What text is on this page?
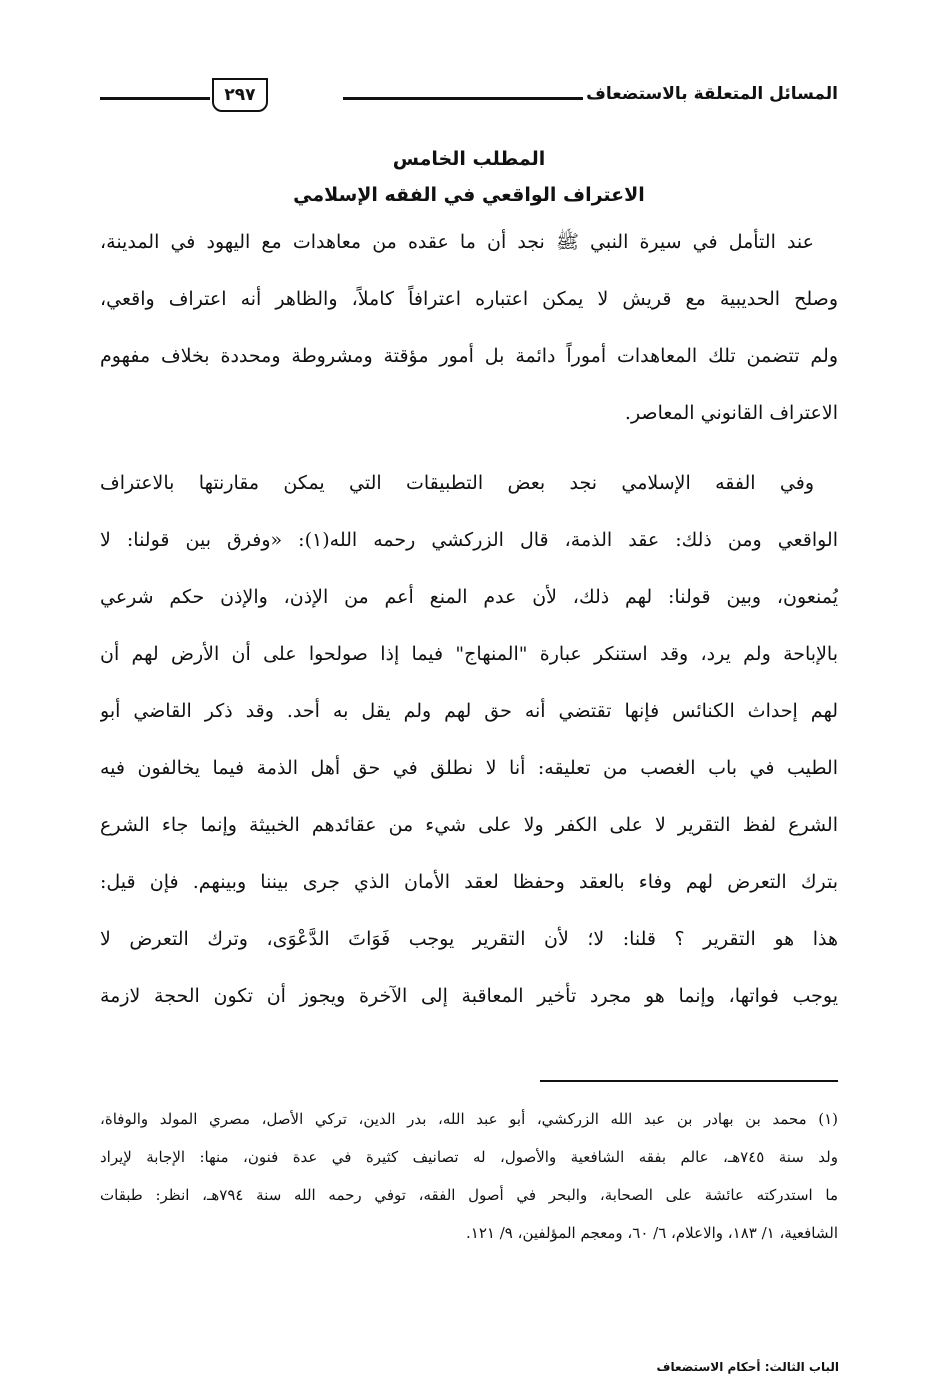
المسائل المتعلقة بالاستضعاف
٢٩٧
المطلب الخامس
الاعتراف الواقعي في الفقه الإسلامي
عند التأمل في سيرة النبي ﷺ نجد أن ما عقده من معاهدات مع اليهود في المدينة،
وصلح الحديبية مع قريش لا يمكن اعتباره اعترافاً كاملاً، والظاهر أنه اعتراف واقعي،
ولم تتضمن تلك المعاهدات أموراً دائمة بل أمور مؤقتة ومشروطة ومحددة بخلاف مفهوم
الاعتراف القانوني المعاصر.
وفي الفقه الإسلامي نجد بعض التطبيقات التي يمكن مقارنتها بالاعتراف
الواقعي ومن ذلك: عقد الذمة، قال الزركشي رحمه الله(١): «وفرق بين قولنا: لا
يُمنعون، وبين قولنا: لهم ذلك، لأن عدم المنع أعم من الإذن، والإذن حكم شرعي
بالإباحة ولم يرد، وقد استنكر عبارة "المنهاج" فيما إذا صولحوا على أن الأرض لهم أن
لهم إحداث الكنائس فإنها تقتضي أنه حق لهم ولم يقل به أحد. وقد ذكر القاضي أبو
الطيب في باب الغصب من تعليقه: أنا لا نطلق في حق أهل الذمة فيما يخالفون فيه
الشرع لفظ التقرير لا على الكفر ولا على شيء من عقائدهم الخبيثة وإنما جاء الشرع
بترك التعرض لهم وفاء بالعقد وحفظا لعقد الأمان الذي جرى بيننا وبينهم. فإن قيل:
هذا هو التقرير ؟ قلنا: لا؛ لأن التقرير يوجب فَوَاتَ الدَّعْوَى، وترك التعرض لا
يوجب فواتها، وإنما هو مجرد تأخير المعاقبة إلى الآخرة ويجوز أن تكون الحجة لازمة
(١) محمد بن بهادر بن عبد الله الزركشي، أبو عبد الله، بدر الدين، تركي الأصل، مصري المولد والوفاة،
ولد سنة ٧٤٥هـ، عالم بفقه الشافعية والأصول، له تصانيف كثيرة في عدة فنون، منها: الإجابة لإيراد
ما استدركته عائشة على الصحابة، والبحر في أصول الفقه، توفي رحمه الله سنة ٧٩٤هـ، انظر: طبقات
الشافعية، ١/ ١٨٣، والاعلام، ٦/ ٦٠، ومعجم المؤلفين، ٩/ ١٢١.
الباب الثالث: أحكام الاستضعاف
